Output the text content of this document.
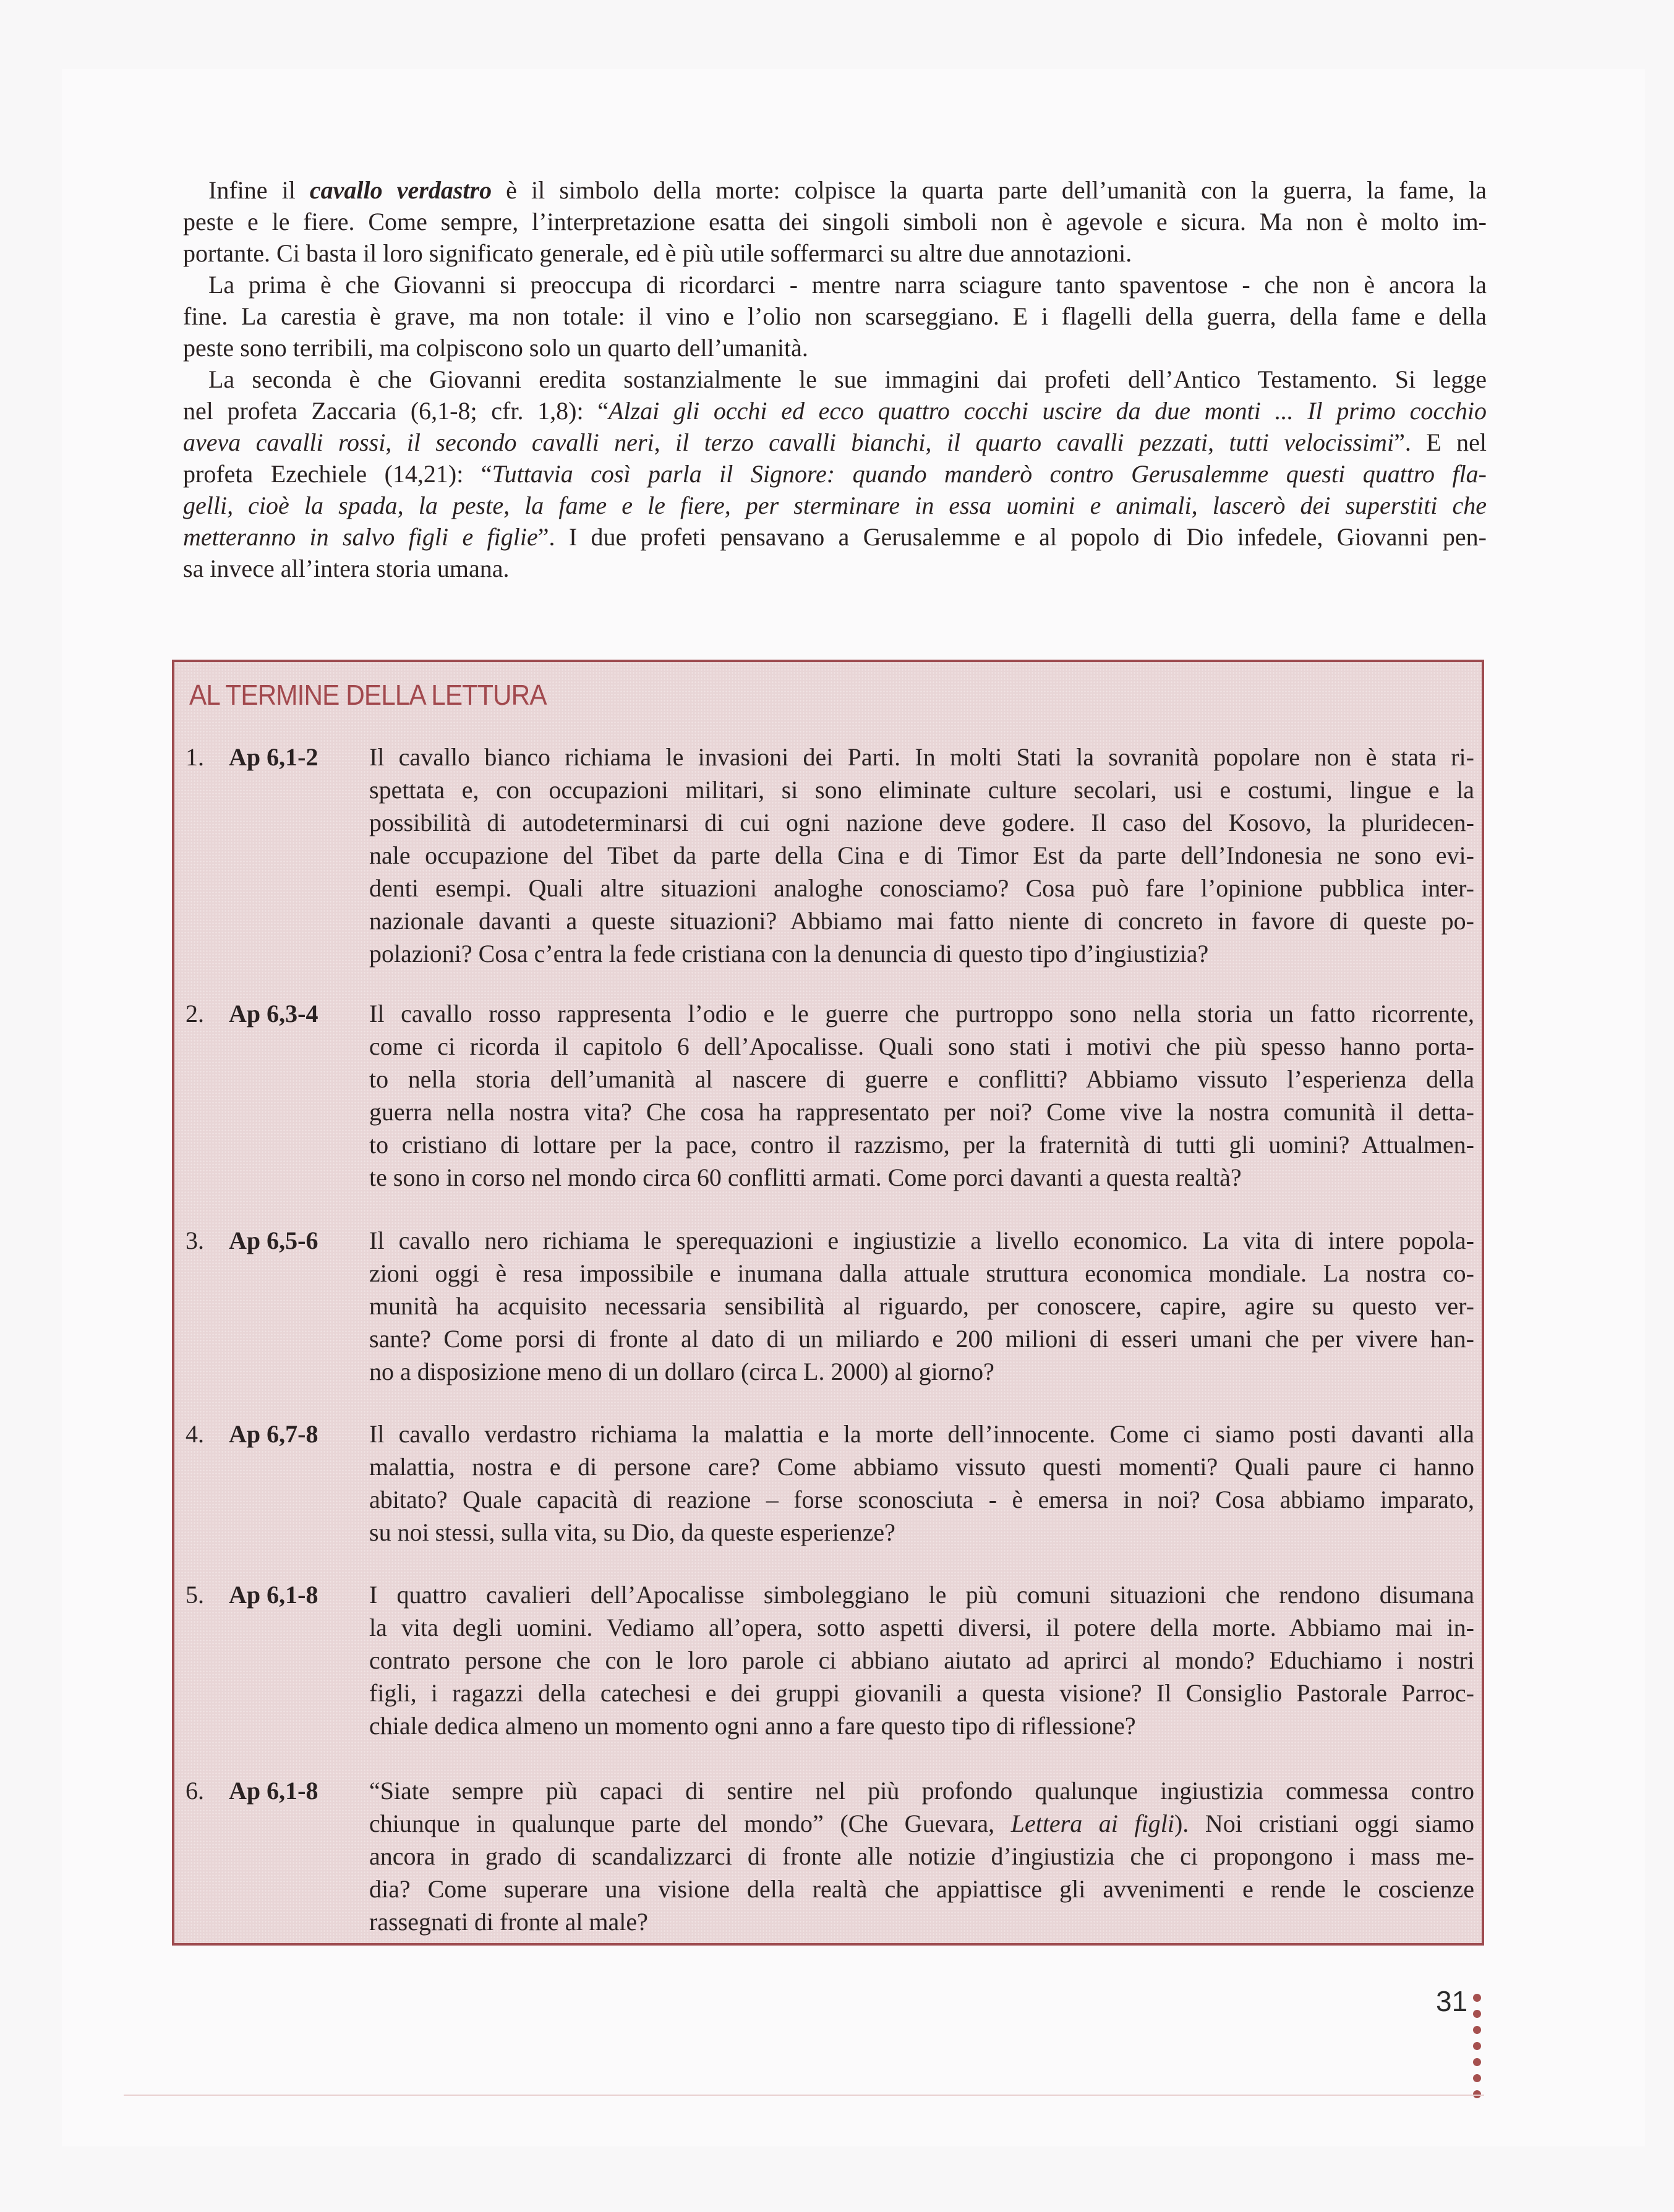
Infine il cavallo verdastro è il simbolo della morte: colpisce la quarta parte dell’umanità con la guerra, la fame, la
peste e le fiere. Come sempre, l’interpretazione esatta dei singoli simboli non è agevole e sicura. Ma non è molto im-
portante. Ci basta il loro significato generale, ed è più utile soffermarci su altre due annotazioni.
La prima è che Giovanni si preoccupa di ricordarci - mentre narra sciagure tanto spaventose - che non è ancora la
fine. La carestia è grave, ma non totale: il vino e l’olio non scarseggiano. E i flagelli della guerra, della fame e della
peste sono terribili, ma colpiscono solo un quarto dell’umanità.
La seconda è che Giovanni eredita sostanzialmente le sue immagini dai profeti dell’Antico Testamento. Si legge
nel profeta Zaccaria (6,1-8; cfr. 1,8): “Alzai gli occhi ed ecco quattro cocchi uscire da due monti ... Il primo cocchio
aveva cavalli rossi, il secondo cavalli neri, il terzo cavalli bianchi, il quarto cavalli pezzati, tutti velocissimi”. E nel
profeta Ezechiele (14,21): “Tuttavia così parla il Signore: quando manderò contro Gerusalemme questi quattro fla-
gelli, cioè la spada, la peste, la fame e le fiere, per sterminare in essa uomini e animali, lascerò dei superstiti che
metteranno in salvo figli e figlie”. I due profeti pensavano a Gerusalemme e al popolo di Dio infedele, Giovanni pen-
sa invece all’intera storia umana.
AL TERMINE DELLA LETTURA
1. Ap 6,1-2 Il cavallo bianco richiama le invasioni dei Parti. In molti Stati la sovranità popolare non è stata ri-
spettata e, con occupazioni militari, si sono eliminate culture secolari, usi e costumi, lingue e la
possibilità di autodeterminarsi di cui ogni nazione deve godere. Il caso del Kosovo, la pluridecen-
nale occupazione del Tibet da parte della Cina e di Timor Est da parte dell’Indonesia ne sono evi-
denti esempi. Quali altre situazioni analoghe conosciamo? Cosa può fare l’opinione pubblica inter-
nazionale davanti a queste situazioni? Abbiamo mai fatto niente di concreto in favore di queste po-
polazioni? Cosa c’entra la fede cristiana con la denuncia di questo tipo d’ingiustizia?
2. Ap 6,3-4 Il cavallo rosso rappresenta l’odio e le guerre che purtroppo sono nella storia un fatto ricorrente,
come ci ricorda il capitolo 6 dell’Apocalisse. Quali sono stati i motivi che più spesso hanno porta-
to nella storia dell’umanità al nascere di guerre e conflitti? Abbiamo vissuto l’esperienza della
guerra nella nostra vita? Che cosa ha rappresentato per noi? Come vive la nostra comunità il detta-
to cristiano di lottare per la pace, contro il razzismo, per la fraternità di tutti gli uomini? Attualmen-
te sono in corso nel mondo circa 60 conflitti armati. Come porci davanti a questa realtà?
3. Ap 6,5-6 Il cavallo nero richiama le sperequazioni e ingiustizie a livello economico. La vita di intere popola-
zioni oggi è resa impossibile e inumana dalla attuale struttura economica mondiale. La nostra co-
munità ha acquisito necessaria sensibilità al riguardo, per conoscere, capire, agire su questo ver-
sante? Come porsi di fronte al dato di un miliardo e 200 milioni di esseri umani che per vivere han-
no a disposizione meno di un dollaro (circa L. 2000) al giorno?
4. Ap 6,7-8 Il cavallo verdastro richiama la malattia e la morte dell’innocente. Come ci siamo posti davanti alla
malattia, nostra e di persone care? Come abbiamo vissuto questi momenti? Quali paure ci hanno
abitato? Quale capacità di reazione – forse sconosciuta - è emersa in noi? Cosa abbiamo imparato,
su noi stessi, sulla vita, su Dio, da queste esperienze?
5. Ap 6,1-8 I quattro cavalieri dell’Apocalisse simboleggiano le più comuni situazioni che rendono disumana
la vita degli uomini. Vediamo all’opera, sotto aspetti diversi, il potere della morte. Abbiamo mai in-
contrato persone che con le loro parole ci abbiano aiutato ad aprirci al mondo? Educhiamo i nostri
figli, i ragazzi della catechesi e dei gruppi giovanili a questa visione? Il Consiglio Pastorale Parroc-
chiale dedica almeno un momento ogni anno a fare questo tipo di riflessione?
6. Ap 6,1-8 “Siate sempre più capaci di sentire nel più profondo qualunque ingiustizia commessa contro
chiunque in qualunque parte del mondo” (Che Guevara, Lettera ai figli). Noi cristiani oggi siamo
ancora in grado di scandalizzarci di fronte alle notizie d’ingiustizia che ci propongono i mass me-
dia? Come superare una visione della realtà che appiattisce gli avvenimenti e rende le coscienze
rassegnati di fronte al male?
31
